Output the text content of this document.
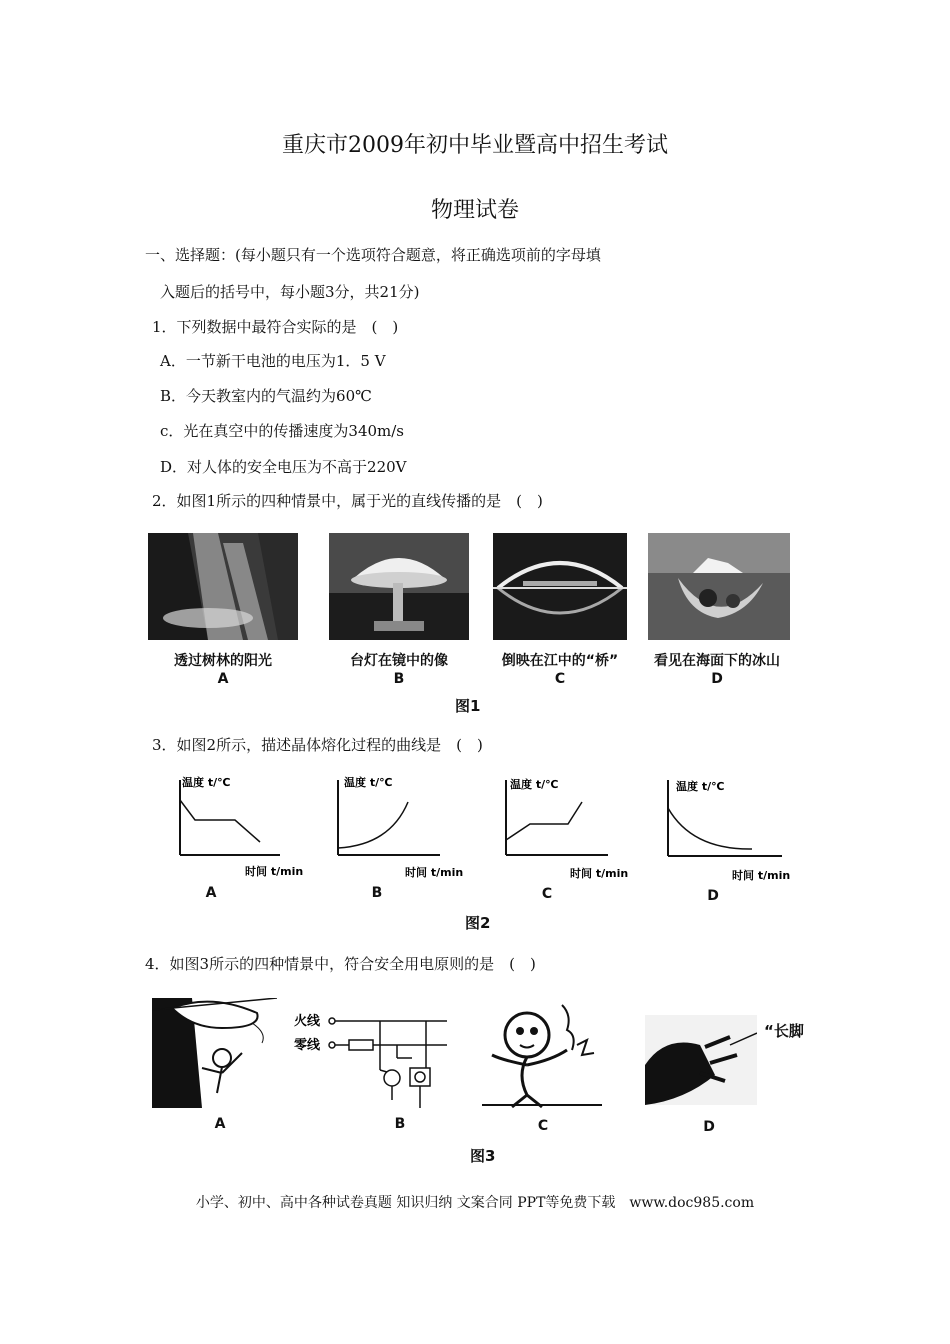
重庆市2009年初中毕业暨高中招生考试
物理试卷
一、选择题：(每小题只有一个选项符合题意，将正确选项前的字母填
入题后的括号中，每小题3分，共21分)
1．下列数据中最符合实际的是　(　)
A．一节新干电池的电压为1．5 V
B．今天教室内的气温约为60℃
c．光在真空中的传播速度为340m/s
D．对人体的安全电压为不高于220V
2．如图1所示的四种情景中，属于光的直线传播的是　(　)
透过树林的阳光	台灯在镜中的像	倒映在江中的“桥”	看见在海面下的冰山
A	B	C	D
图1
3．如图2所示，描述晶体熔化过程的曲线是　(　)
温度 t/℃
时间 t/min
温度 t/℃
时间 t/min
温度 t/℃
时间 t/min
温度 t/℃
时间 t/min
A	B	C	D
图2
4．如图3所示的四种情景中，符合安全用电原则的是　(　)
火线
零线
“长脚
A	B	C	D
图3
小学、初中、高中各种试卷真题 知识归纳 文案合同 PPT等免费下载　www.doc985.com
